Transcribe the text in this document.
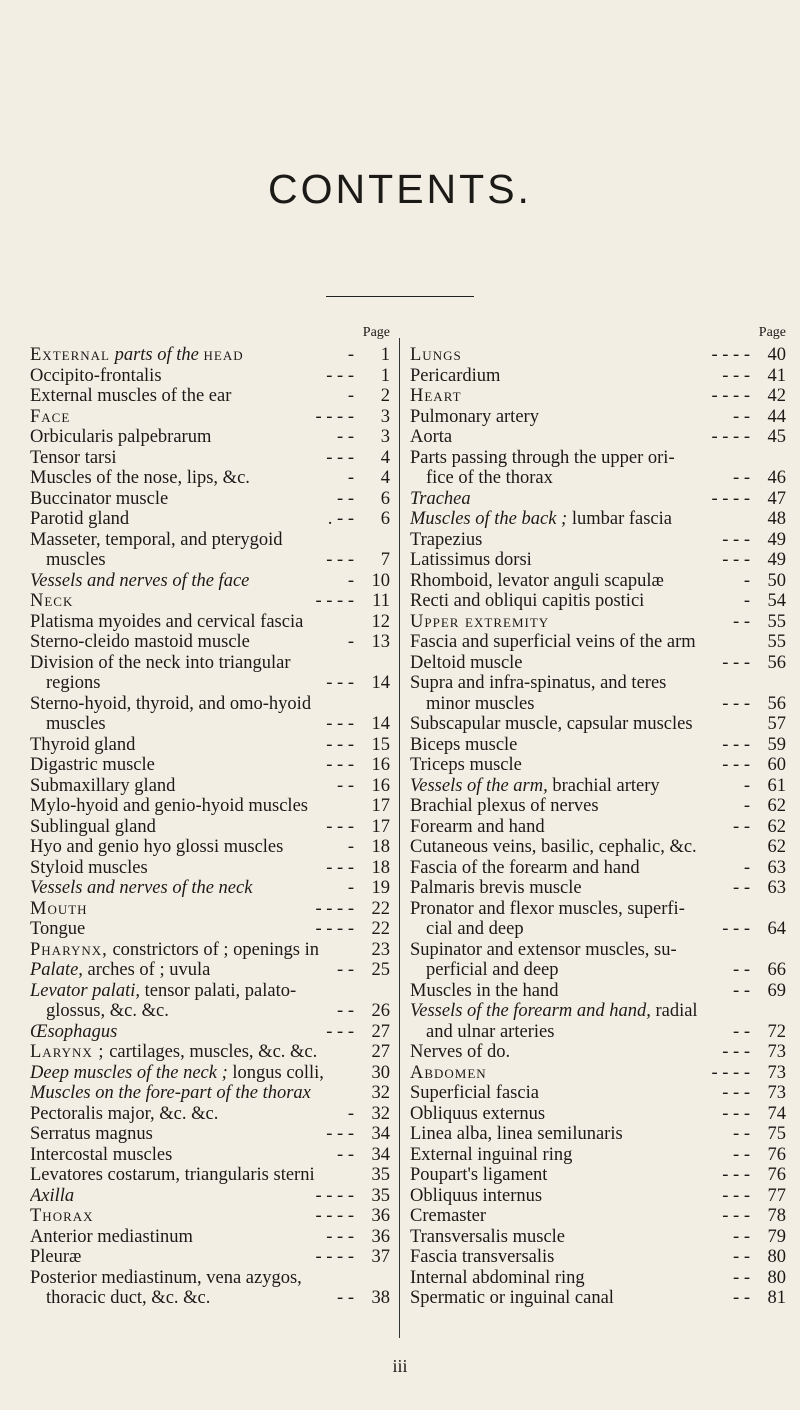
CONTENTS.
Page
External parts of the head	-	1
Occipito-frontalis	- - -	1
External muscles of the ear	-	2
Face	- - - -	3
Orbicularis palpebrarum	- -	3
Tensor tarsi	- - -	4
Muscles of the nose, lips, &c.	-	4
Buccinator muscle	- -	6
Parotid gland	. - -	6
Masseter, temporal, and pterygoid
muscles	- - -	7
Vessels and nerves of the face	- 10
Neck	- - - - 11
Platisma myoides and cervical fascia	12
Sterno-cleido mastoid muscle	- 13
Division of the neck into triangular
regions	- - - 14
Sterno-hyoid, thyroid, and omo-hyoid
muscles	- - - 14
Thyroid gland	- - - 15
Digastric muscle	- - - 16
Submaxillary gland	- - 16
Mylo-hyoid and genio-hyoid muscles	17
Sublingual gland	- - - 17
Hyo and genio hyo glossi muscles	- 18
Styloid muscles	- - - 18
Vessels and nerves of the neck	- 19
Mouth	- - - - 22
Tongue	- - - - 22
Pharynx, constrictors of ; openings in	23
Palate, arches of ; uvula	- - 25
Levator palati, tensor palati, palato-
glossus, &c. &c.	- - 26
Œsophagus	- - - 27
Larynx ; cartilages, muscles, &c. &c.	27
Deep muscles of the neck ; longus colli,	30
Muscles on the fore-part of the thorax	32
Pectoralis major, &c. &c.	- 32
Serratus magnus	- - - 34
Intercostal muscles	- - 34
Levatores costarum, triangularis sterni	35
Axilla	- - - - 35
Thorax	- - - - 36
Anterior mediastinum	- - - 36
Pleuræ	- - - - 37
Posterior mediastinum, vena azygos,
thoracic duct, &c. &c.	- - 38
Page
Lungs	- - - - 40
Pericardium	- - - 41
Heart	- - - - 42
Pulmonary artery	- - 44
Aorta	- - - - 45
Parts passing through the upper ori-
fice of the thorax	- - 46
Trachea	- - - - 47
Muscles of the back ; lumbar fascia	48
Trapezius	- - - 49
Latissimus dorsi	- - - 49
Rhomboid, levator anguli scapulæ	- 50
Recti and obliqui capitis postici	- 54
Upper extremity	- - 55
Fascia and superficial veins of the arm	55
Deltoid muscle	- - - 56
Supra and infra-spinatus, and teres
minor muscles	- - - 56
Subscapular muscle, capsular muscles	57
Biceps muscle	- - - 59
Triceps muscle	- - - 60
Vessels of the arm, brachial artery	- 61
Brachial plexus of nerves	- 62
Forearm and hand	- - 62
Cutaneous veins, basilic, cephalic, &c.	62
Fascia of the forearm and hand	- 63
Palmaris brevis muscle	- - 63
Pronator and flexor muscles, superfi-
cial and deep	- - - 64
Supinator and extensor muscles, su-
perficial and deep	- - 66
Muscles in the hand	- - 69
Vessels of the forearm and hand, radial
and ulnar arteries	- - 72
Nerves of do.	- - - 73
Abdomen	- - - - 73
Superficial fascia	- - - 73
Obliquus externus	- - - 74
Linea alba, linea semilunaris	- - 75
External inguinal ring	- - 76
Poupart's ligament	- - - 76
Obliquus internus	- - - 77
Cremaster	- - - 78
Transversalis muscle	- - 79
Fascia transversalis	- - 80
Internal abdominal ring	- - 80
Spermatic or inguinal canal	- - 81
iii
